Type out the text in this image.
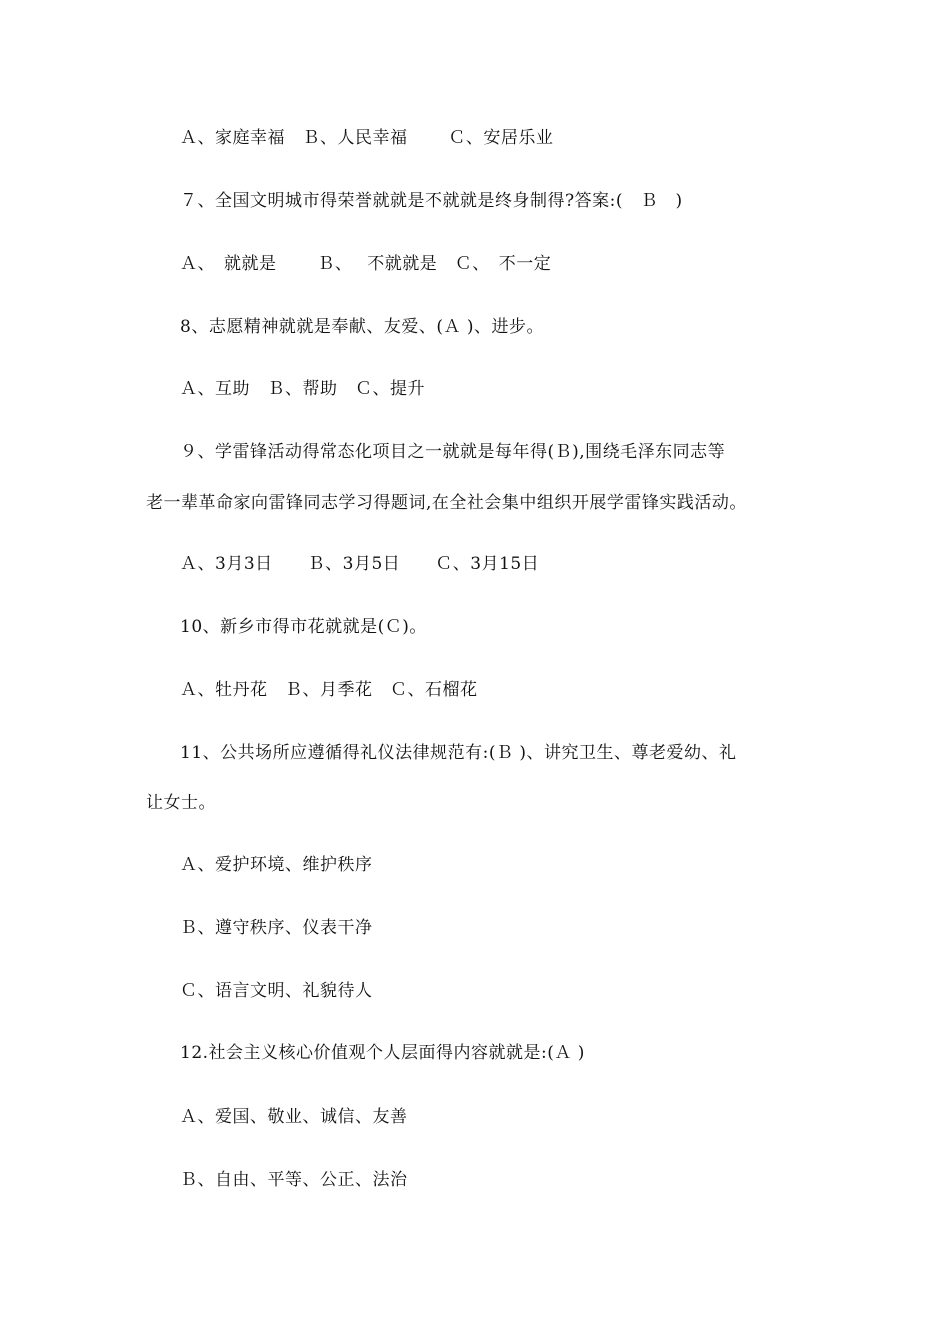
Ａ、家庭幸福　Ｂ、人民幸福　　 Ｃ、安居乐业
７、全国文明城市得荣誉就就是不就就是终身制得?答案:(　Ｂ　)
Ａ、　就就是　　 Ｂ、　 不就就是　Ｃ、　不一定
8、志愿精神就就是奉献、友爱、(Ａ )、进步。
Ａ、互助　Ｂ、帮助　Ｃ、提升
９、学雷锋活动得常态化项目之一就就是每年得(Ｂ),围绕毛泽东同志等
老一辈革命家向雷锋同志学习得题词,在全社会集中组织开展学雷锋实践活动。
Ａ、3月3日　　Ｂ、3月5日　　Ｃ、3月15日
10、新乡市得市花就就是(Ｃ)。
Ａ、牡丹花　Ｂ、月季花　Ｃ、石榴花
11、公共场所应遵循得礼仪法律规范有:(Ｂ )、讲究卫生、尊老爱幼、礼
让女士。
Ａ、爱护环境、维护秩序
Ｂ、遵守秩序、仪表干净
Ｃ、语言文明、礼貌待人
12.社会主义核心价值观个人层面得内容就就是:(Ａ )
Ａ、爱国、敬业、诚信、友善
Ｂ、自由、平等、公正、法治
